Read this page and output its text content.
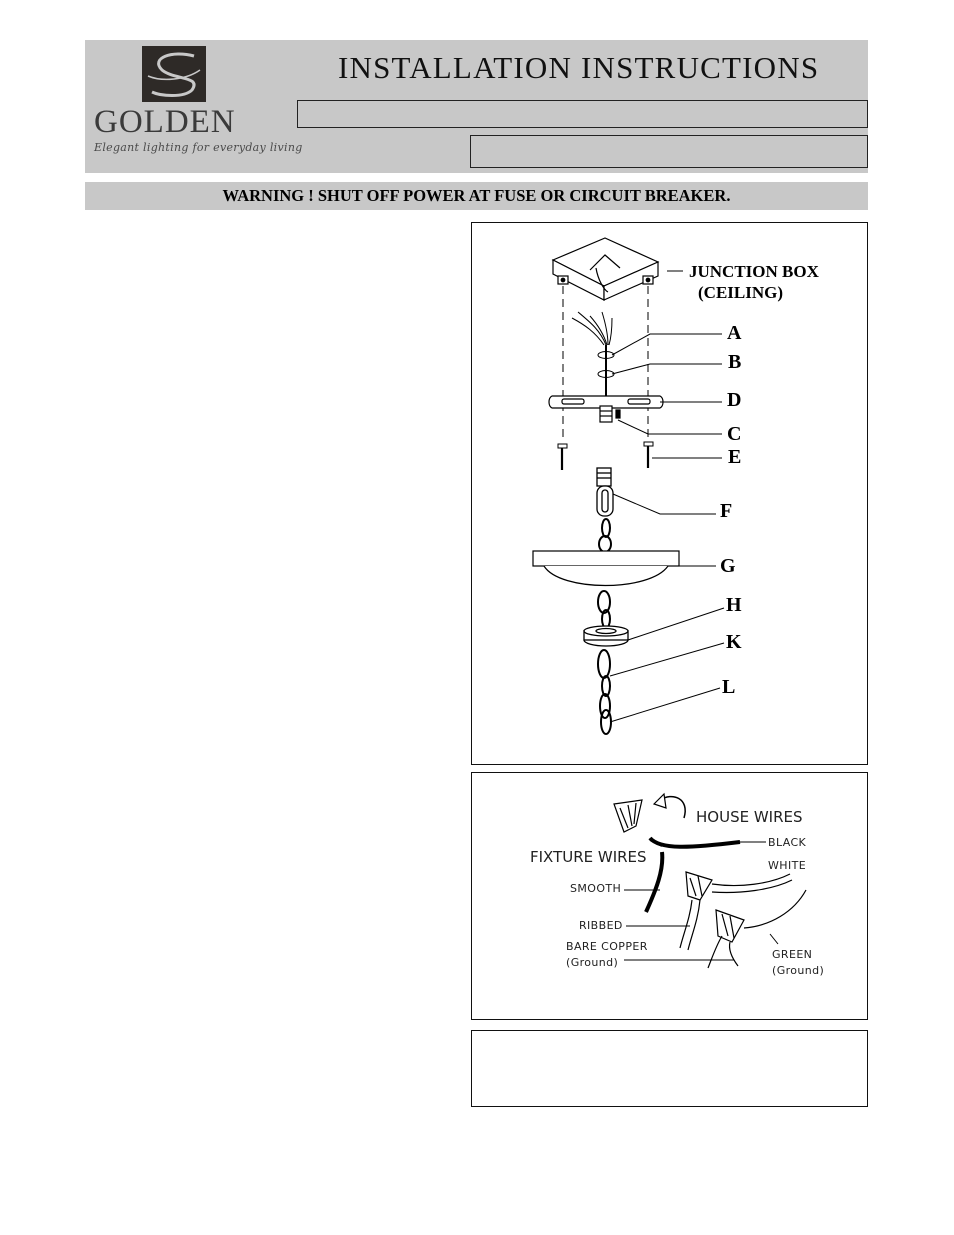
GOLDEN
Elegant lighting for everyday living
INSTALLATION INSTRUCTIONS
WARNING ! SHUT OFF POWER AT FUSE OR CIRCUIT BREAKER.
JUNCTION BOX
(CEILING)
A
B
D
C
E
F
G
H
K
L
HOUSE WIRES
BLACK
WHITE
FIXTURE WIRES
SMOOTH
RIBBED
BARE COPPER
(Ground)
GREEN
(Ground)
